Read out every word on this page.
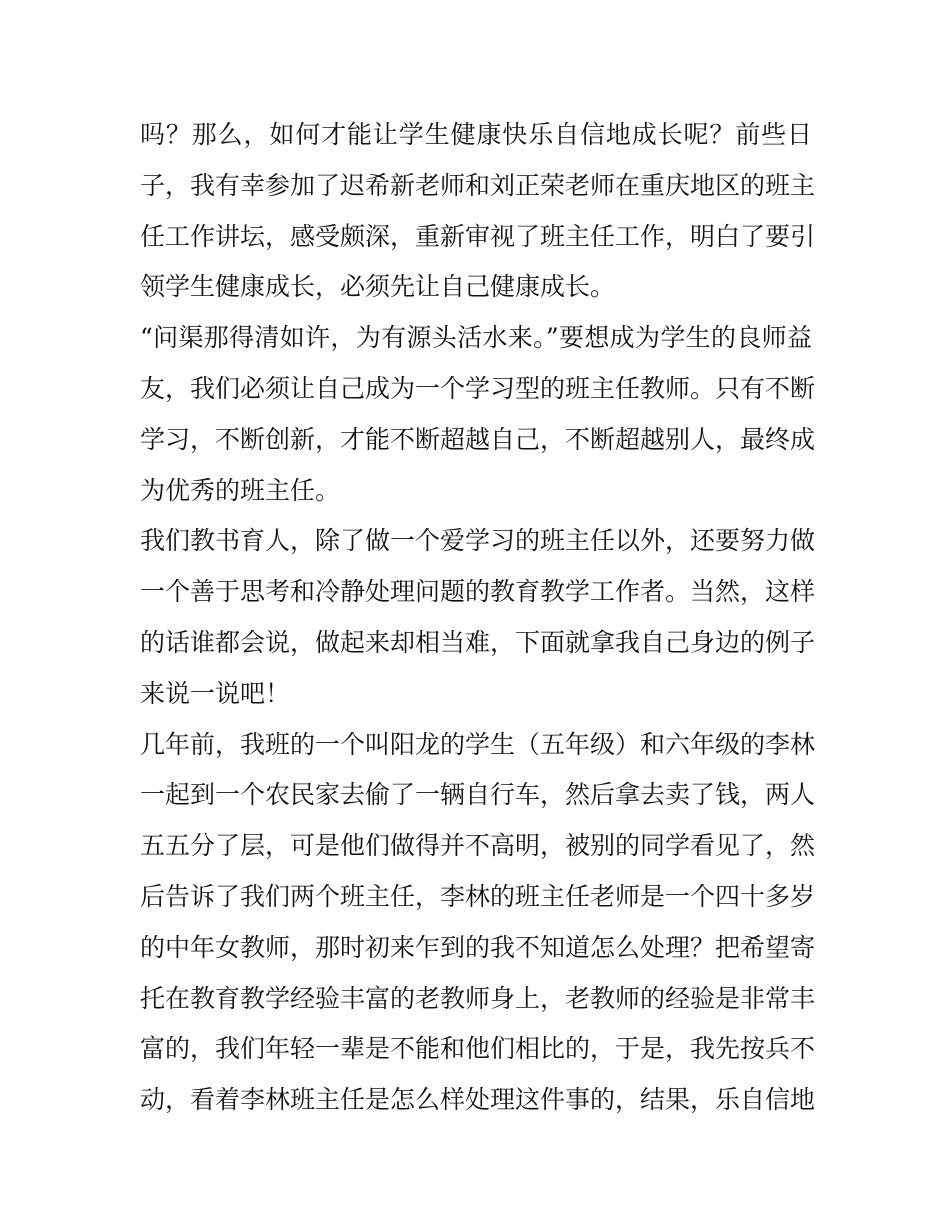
吗？那么，如何才能让学生健康快乐自信地成长呢？前些日
子，我有幸参加了迟希新老师和刘正荣老师在重庆地区的班主
任工作讲坛，感受颇深，重新审视了班主任工作，明白了要引
领学生健康成长，必须先让自己健康成长。
“问渠那得清如许，为有源头活水来。”要想成为学生的良师益
友，我们必须让自己成为一个学习型的班主任教师。只有不断
学习，不断创新，才能不断超越自己，不断超越别人，最终成
为优秀的班主任。
我们教书育人，除了做一个爱学习的班主任以外，还要努力做
一个善于思考和冷静处理问题的教育教学工作者。当然，这样
的话谁都会说，做起来却相当难，下面就拿我自己身边的例子
来说一说吧！
几年前，我班的一个叫阳龙的学生（五年级）和六年级的李林
一起到一个农民家去偷了一辆自行车，然后拿去卖了钱，两人
五五分了层，可是他们做得并不高明，被别的同学看见了，然
后告诉了我们两个班主任，李林的班主任老师是一个四十多岁
的中年女教师，那时初来乍到的我不知道怎么处理？把希望寄
托在教育教学经验丰富的老教师身上，老教师的经验是非常丰
富的，我们年轻一辈是不能和他们相比的，于是，我先按兵不
动，看着李林班主任是怎么样处理这件事的，结果，乐自信地
